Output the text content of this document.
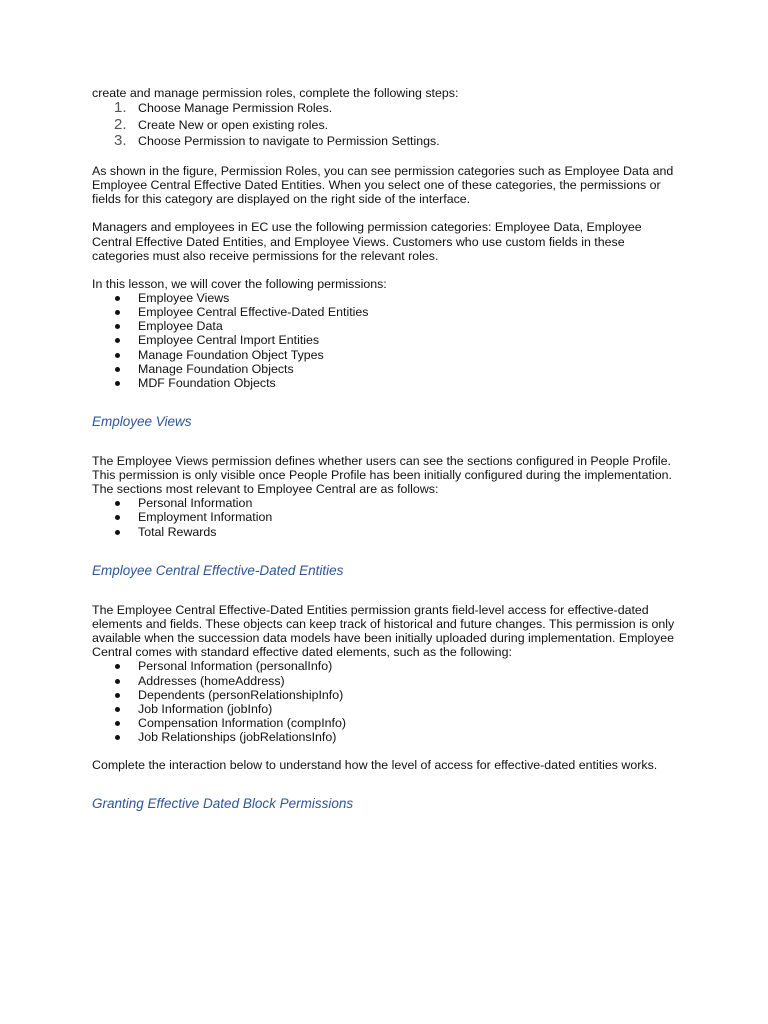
create and manage permission roles, complete the following steps:

1. Choose Manage Permission Roles.
2. Create New or open existing roles.
3. Choose Permission to navigate to Permission Settings.

As shown in the figure, Permission Roles, you can see permission categories such as Employee Data and Employee Central Effective Dated Entities. When you select one of these categories, the permissions or fields for this category are displayed on the right side of the interface.

Managers and employees in EC use the following permission categories: Employee Data, Employee Central Effective Dated Entities, and Employee Views. Customers who use custom fields in these categories must also receive permissions for the relevant roles.

In this lesson, we will cover the following permissions:

Employee Views
Employee Central Effective-Dated Entities
Employee Data
Employee Central Import Entities
Manage Foundation Object Types
Manage Foundation Objects
MDF Foundation Objects
Employee Views

The Employee Views permission defines whether users can see the sections configured in People Profile. This permission is only visible once People Profile has been initially configured during the implementation. The sections most relevant to Employee Central are as follows:

Personal Information
Employment Information
Total Rewards
Employee Central Effective-Dated Entities

The Employee Central Effective-Dated Entities permission grants field-level access for effective-dated elements and fields. These objects can keep track of historical and future changes. This permission is only available when the succession data models have been initially uploaded during implementation. Employee Central comes with standard effective dated elements, such as the following:

Personal Information (personalInfo)
Addresses (homeAddress)
Dependents (personRelationshipInfo)
Job Information (jobInfo)
Compensation Information (compInfo)
Job Relationships (jobRelationsInfo)

Complete the interaction below to understand how the level of access for effective-dated entities works.

Granting Effective Dated Block Permissions
